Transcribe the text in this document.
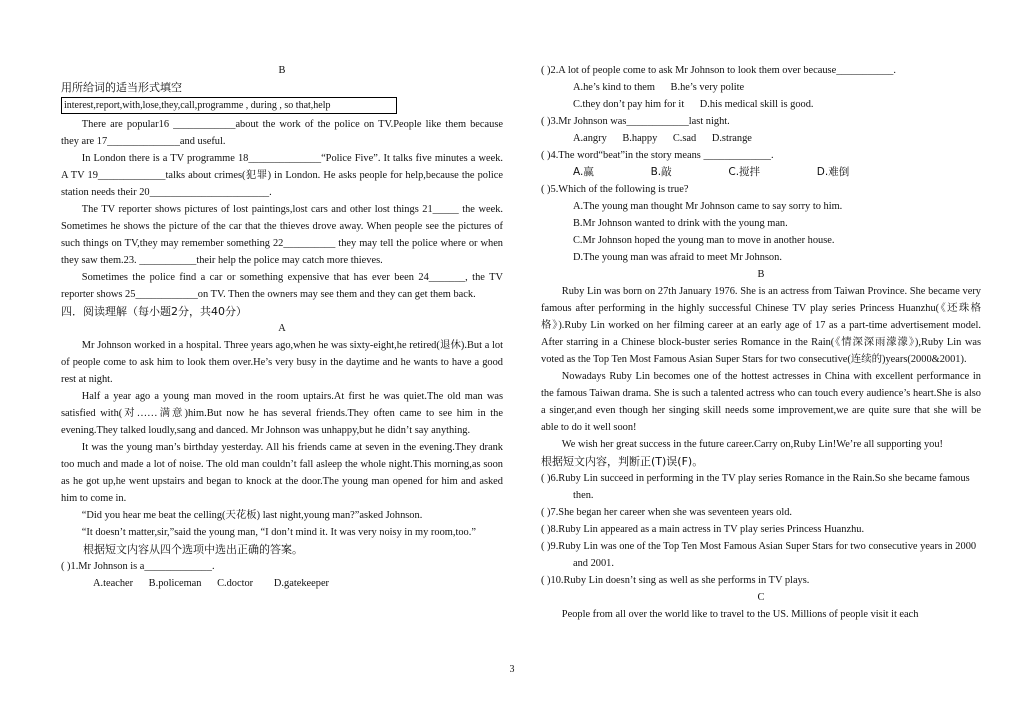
B

用所给词的适当形式填空

interest,report,with,lose,they,call,programme , during , so that,help

There are popular16 ____________about the work of the police on TV.People like them because they are 17______________and useful.

In London there is a TV programme 18______________“Police Five”. It talks five minutes a week. A TV 19_____________talks about crimes(犯罪) in London. He asks people for help,because the police station needs their 20_______________________.

The TV reporter shows pictures of lost paintings,lost cars and other lost things 21_____ the week. Sometimes he shows the picture of the car that the thieves drove away. When people see the pictures of such things on TV,they may remember something 22__________ they may tell the police where or when they saw them.23. ___________their help the police may catch more thieves.

Sometimes the police find a car or something expensive that has ever been 24_______, the TV reporter shows 25____________on TV. Then the owners may see them and they can get them back.

四．阅读理解（每小题2分，共40分）

A

Mr Johnson worked in a hospital. Three years ago,when he was sixty-eight,he retired(退休).But a lot of people come to ask him to look them over.He’s very busy in the daytime and he wants to have a good rest at night.

Half a year ago a young man moved in the room uptairs.At first he was quiet.The old man was satisfied with(对……满意)him.But now he has several friends.They often came to see him in the evening.They talked loudly,sang and danced. Mr Johnson was unhappy,but he didn’t say anything.

It was the young man’s birthday yesterday. All his friends came at seven in the evening.They drank too much and made a lot of noise. The old man couldn’t fall asleep the whole night.This morning,as soon as he got up,he went upstairs and began to knock at the door.The young man opened for him and asked him to come in.

“Did you hear me beat the celling(天花板) last night,young man?”asked Johnson.

“It doesn’t matter,sir,”said the young man, “I don’t mind it. It was very noisy in my room,too.”

根据短文内容从四个选项中选出正确的答案。

( )1.Mr Johnson is a_____________.

A.teacher      B.policeman      C.doctor        D.gatekeeper

( )2.A lot of people come to ask Mr Johnson to look them over because___________.

A.he’s kind to them      B.he’s very polite

C.they don’t pay him for it      D.his medical skill is good.

( )3.Mr Johnson was____________last night.

A.angry      B.happy      C.sad      D.strange

( )4.The word“beat”in the story means _____________.

A.赢                 B.敲                 C.搅拌                 D.难倒

( )5.Which of the following is true?

A.The young man thought Mr Johnson came to say sorry to him.

B.Mr Johnson wanted to drink with the young man.

C.Mr Johnson hoped the young man to move in another house.

D.The young man was afraid to meet Mr Johnson.

B

Ruby Lin was born on 27th January 1976. She is an actress from Taiwan Province. She became very famous after performing in the highly successful Chinese TV play series Princess Huanzhu(《还珠格格》).Ruby Lin worked on her filming career at an early age of 17 as a part-time advertisement model. After starring in a Chinese block-buster series Romance in the Rain(《情深深雨濛濛》),Ruby Lin was voted as the Top Ten Most Famous Asian Super Stars for two consecutive(连续的)years(2000&2001).

Nowadays Ruby Lin becomes one of the hottest actresses in China with excellent performance in the famous Taiwan drama. She is such a talented actress who can touch every audience’s heart.She is also a singer,and even though her singing skill needs some improvement,we are quite sure that she will be able to do it well soon!

We wish her great success in the future career.Carry on,Ruby Lin!We’re all supporting you!

根据短文内容，判断正(T)误(F)。

( )6.Ruby Lin succeed in performing in the TV play series Romance in the Rain.So she became famous then.

( )7.She began her career when she was seventeen years old.

( )8.Ruby Lin appeared as a main actress in TV play series Princess Huanzhu.

( )9.Ruby Lin was one of the Top Ten Most Famous Asian Super Stars for two consecutive years in 2000 and 2001.

( )10.Ruby Lin doesn’t sing as well as she performs in TV plays.

C

People from all over the world like to travel to the US. Millions of people visit it each

3
